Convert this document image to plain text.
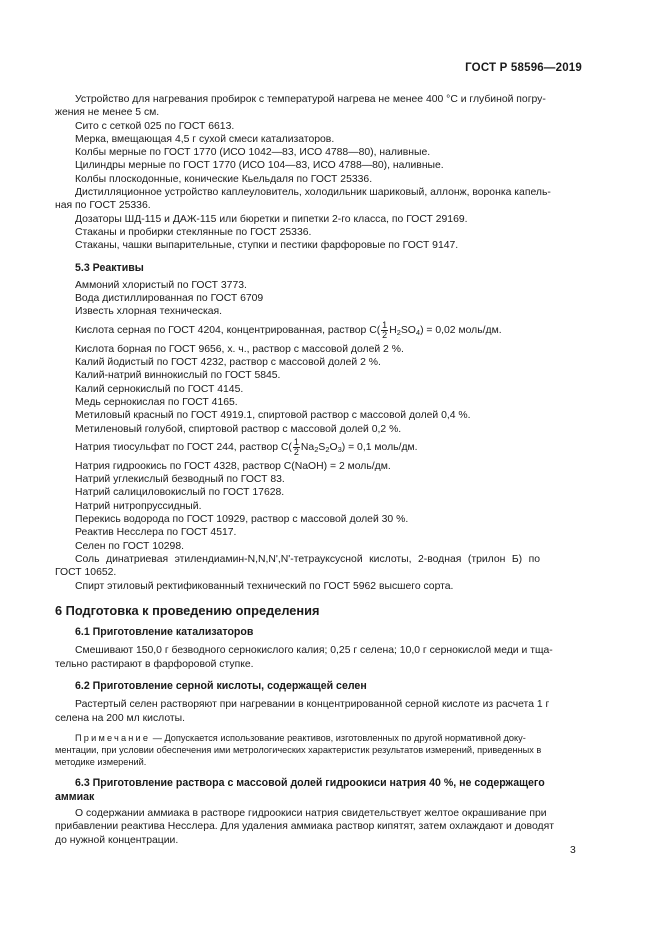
ГОСТ Р 58596—2019
Устройство для нагревания пробирок с температурой нагрева не менее 400 °С и глубиной погру-
жения не менее 5 см.
Сито с сеткой 025 по ГОСТ 6613.
Мерка, вмещающая 4,5 г сухой смеси катализаторов.
Колбы мерные по ГОСТ 1770 (ИСО 1042—83, ИСО 4788—80), наливные.
Цилиндры мерные по ГОСТ 1770 (ИСО 104—83, ИСО 4788—80), наливные.
Колбы плоскодонные, конические Кьельдаля по ГОСТ 25336.
Дистилляционное устройство каплеуловитель, холодильник шариковый, аллонж, воронка капель-
ная по ГОСТ 25336.
Дозаторы ШД-115 и ДАЖ-115 или бюретки и пипетки 2-го класса, по ГОСТ 29169.
Стаканы и пробирки стеклянные по ГОСТ 25336.
Стаканы, чашки выпарительные, ступки и пестики фарфоровые по ГОСТ 9147.
5.3 Реактивы
Аммоний хлористый по ГОСТ 3773.
Вода дистиллированная по ГОСТ 6709
Известь хлорная техническая.
Кислота серная по ГОСТ 4204, концентрированная, раствор $С( \frac{1}{2} H_2SO_4) = 0,02$ моль/дм.
Кислота борная по ГОСТ 9656, х. ч., раствор с массовой долей 2 %.
Калий йодистый по ГОСТ 4232, раствор с массовой долей 2 %.
Калий-натрий виннокислый по ГОСТ 5845.
Калий сернокислый по ГОСТ 4145.
Медь сернокислая по ГОСТ 4165.
Метиловый красный по ГОСТ 4919.1, спиртовой раствор с массовой долей 0,4 %.
Метиленовый голубой, спиртовой раствор с массовой долей 0,2 %.
Натрия тиосульфат по ГОСТ 244, раствор $С( \frac{1}{2} Na_2S_2O_3) = 0,1$ моль/дм.
Натрия гидроокись по ГОСТ 4328, раствор C(NaOH) = 2 моль/дм.
Натрий углекислый безводный по ГОСТ 83.
Натрий салициловокислый по ГОСТ 17628.
Натрий нитропруссидный.
Перекись водорода по ГОСТ 10929, раствор с массовой долей 30 %.
Реактив Несслера по ГОСТ 4517.
Селен по ГОСТ 10298.
Соль динатриевая этилендиамин-N,N,N',N'-тетрауксусной кислоты, 2-водная (трилон Б) по
ГОСТ 10652.
Спирт этиловый ректификованный технический по ГОСТ 5962 высшего сорта.
6 Подготовка к проведению определения
6.1 Приготовление катализаторов
Смешивают 150,0 г безводного сернокислого калия; 0,25 г селена; 10,0 г сернокислой меди и тща-
тельно растирают в фарфоровой ступке.
6.2 Приготовление серной кислоты, содержащей селен
Растертый селен растворяют при нагревании в концентрированной серной кислоте из расчета 1 г
селена на 200 мл кислоты.
Примечание — Допускается использование реактивов, изготовленных по другой нормативной доку-
ментации, при условии обеспечения ими метрологических характеристик результатов измерений, приведенных в
методике измерений.
6.3 Приготовление раствора с массовой долей гидроокиси натрия 40 %, не содержащего
аммиак
О содержании аммиака в растворе гидроокиси натрия свидетельствует желтое окрашивание при
прибавлении реактива Несслера. Для удаления аммиака раствор кипятят, затем охлаждают и доводят
до нужной концентрации.
3
